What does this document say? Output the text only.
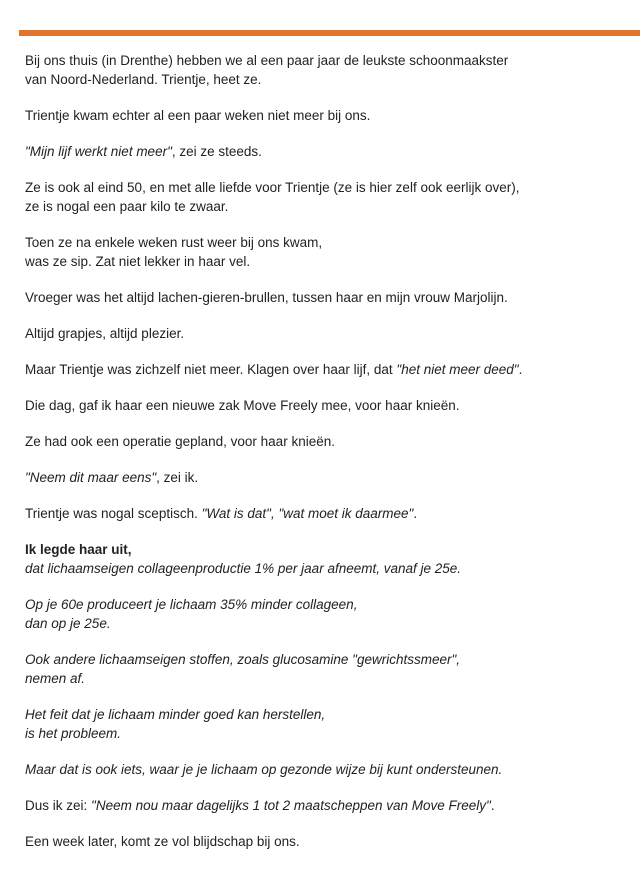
Bij ons thuis (in Drenthe) hebben we al een paar jaar de leukste schoonmaakster
van Noord-Nederland. Trientje, heet ze.

Trientje kwam echter al een paar weken niet meer bij ons.

"Mijn lijf werkt niet meer", zei ze steeds.

Ze is ook al eind 50, en met alle liefde voor Trientje (ze is hier zelf ook eerlijk over),
ze is nogal een paar kilo te zwaar.

Toen ze na enkele weken rust weer bij ons kwam,
was ze sip. Zat niet lekker in haar vel.

Vroeger was het altijd lachen-gieren-brullen, tussen haar en mijn vrouw Marjolijn.

Altijd grapjes, altijd plezier.

Maar Trientje was zichzelf niet meer. Klagen over haar lijf, dat "het niet meer deed".

Die dag, gaf ik haar een nieuwe zak Move Freely mee, voor haar knieën.

Ze had ook een operatie gepland, voor haar knieën.

"Neem dit maar eens", zei ik.

Trientje was nogal sceptisch. "Wat is dat", "wat moet ik daarmee".

Ik legde haar uit,
dat lichaamseigen collageenproductie 1% per jaar afneemt, vanaf je 25e.

Op je 60e produceert je lichaam 35% minder collageen,
dan op je 25e.

Ook andere lichaamseigen stoffen, zoals glucosamine "gewrichtssmeer",
nemen af.

Het feit dat je lichaam minder goed kan herstellen,
is het probleem.

Maar dat is ook iets, waar je je lichaam op gezonde wijze bij kunt ondersteunen.

Dus ik zei: "Neem nou maar dagelijks 1 tot 2 maatscheppen van Move Freely".

Een week later, komt ze vol blijdschap bij ons.
